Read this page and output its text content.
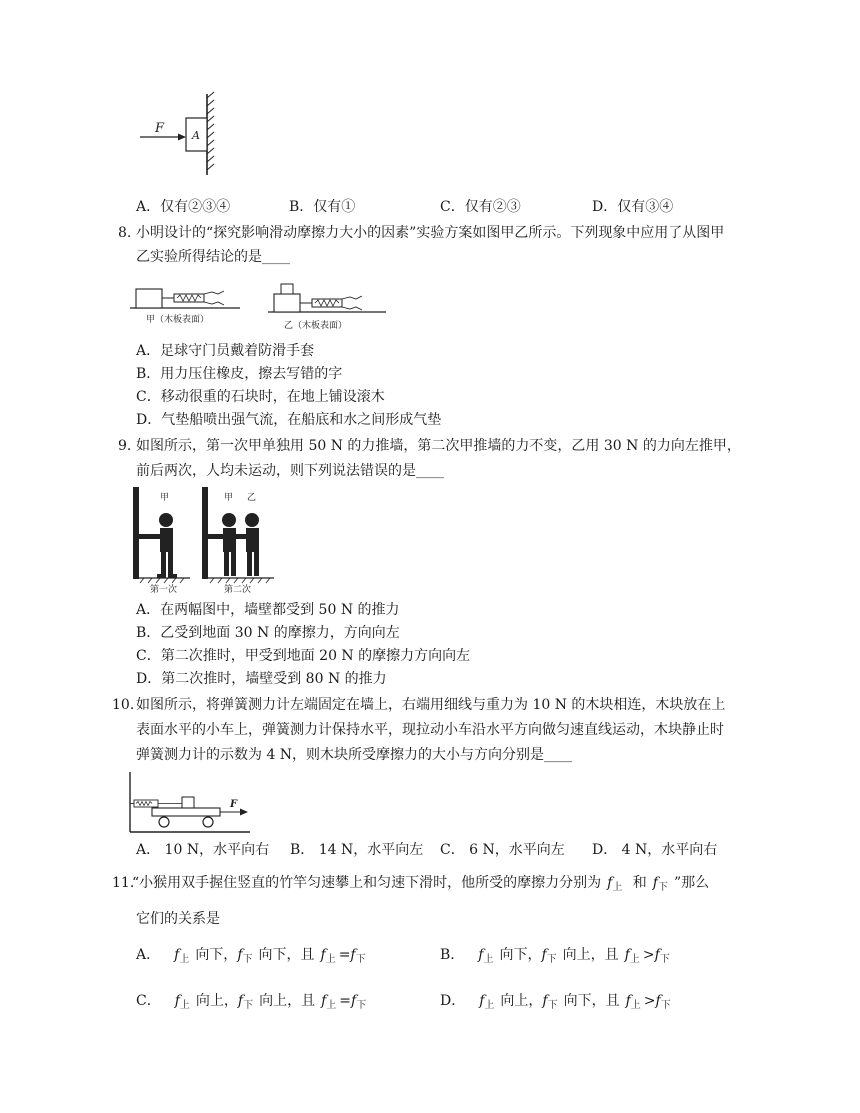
F	A
A．仅有②③④	B．仅有①	C．仅有②③	D．仅有③④
8. 小明设计的“探究影响滑动摩擦力大小的因素”实验方案如图甲乙所示。下列现象中应用了从图甲
乙实验所得结论的是____
甲（木板表面）
乙（木板表面）
A．足球守门员戴着防滑手套
B．用力压住橡皮，擦去写错的字
C．移动很重的石块时，在地上铺设滚木
D．气垫船喷出强气流，在船底和水之间形成气垫
9. 如图所示，第一次甲单独用 50 N 的力推墙，第二次甲推墙的力不变，乙用 30 N 的力向左推甲，
前后两次，人均未运动，则下列说法错误的是____
甲
第一次
甲 乙
第二次
A．在两幅图中，墙壁都受到 50 N 的推力
B．乙受到地面 30 N 的摩擦力，方向向左
C．第二次推时，甲受到地面 20 N 的摩擦力方向向左
D．第二次推时，墙壁受到 80 N 的推力
10. 如图所示，将弹簧测力计左端固定在墙上，右端用细线与重力为 10 N 的木块相连，木块放在上
表面水平的小车上，弹簧测力计保持水平，现拉动小车沿水平方向做匀速直线运动，木块静止时
弹簧测力计的示数为 4 N，则木块所受摩擦力的大小与方向分别是____
F
A． 10 N，水平向右 B． 14 N，水平向左 C． 6 N，水平向左 D． 4 N，水平向右
11.
“小猴用双手握住竖直的竹竿匀速攀上和匀速下滑时，他所受的摩擦力分别为 $f_上$ 和 $f_下$ ”那么
它们的关系是
A． $f_上$ 向下，$f_下$ 向下，且 $f_上 =f_下$	B． $f_上$ 向下，$f_下$ 向上，且 $f_上 >f_下$
C． $f_上$ 向上，$f_下$ 向上，且 $f_上 =f_下$	D． $f_上$ 向上，$f_下$ 向下，且 $f_上 >f_下$
